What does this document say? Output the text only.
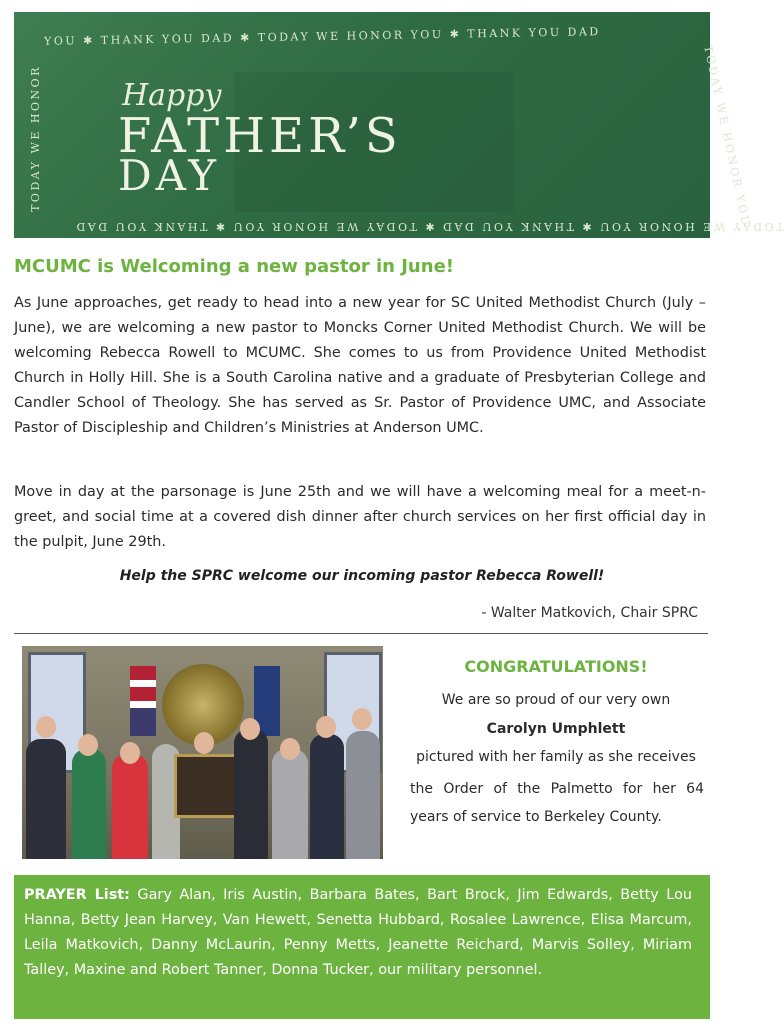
YOU ✱ THANK YOU DAD ✱ TODAY WE HONOR YOU ✱ THANK YOU DAD
TODAY WE HONOR YOU ✱ THANK YOU DAD ✱ TODAY WE HONOR YOU ✱ THANK YOU DAD
TODAY WE HONOR	TODAY WE HONOR YOU
Happy
FATHER’S
DAY
MCUMC is Welcoming a new pastor in June!
As June approaches, get ready to head into a new year for SC United Methodist Church (July – June), we are welcoming a new pastor to Moncks Corner United Methodist Church. We will be welcoming Rebecca Rowell to MCUMC. She comes to us from Providence United Methodist Church in Holly Hill. She is a South Carolina native and a graduate of Presbyterian College and Candler School of Theology. She has served as Sr. Pastor of Providence UMC, and Associate Pastor of Discipleship and Children’s Ministries at Anderson UMC.
Move in day at the parsonage is June 25th and we will have a welcoming meal for a meet-n-greet, and social time at a covered dish dinner after church services on her first official day in the pulpit, June 29th.
Help the SPRC welcome our incoming pastor Rebecca Rowell!
- Walter Matkovich, Chair SPRC
CONGRATULATIONS!
We are so proud of our very own
Carolyn Umphlett
pictured with her family as she receives
the Order of the Palmetto for her 64 years of service to Berkeley County.
PRAYER List: Gary Alan, Iris Austin, Barbara Bates, Bart Brock, Jim Edwards, Betty Lou Hanna, Betty Jean Harvey, Van Hewett, Senetta Hubbard, Rosalee Lawrence, Elisa Marcum, Leila Matkovich, Danny McLaurin, Penny Metts, Jeanette Reichard, Marvis Solley, Miriam Talley, Maxine and Robert Tanner, Donna Tucker, our military personnel.
